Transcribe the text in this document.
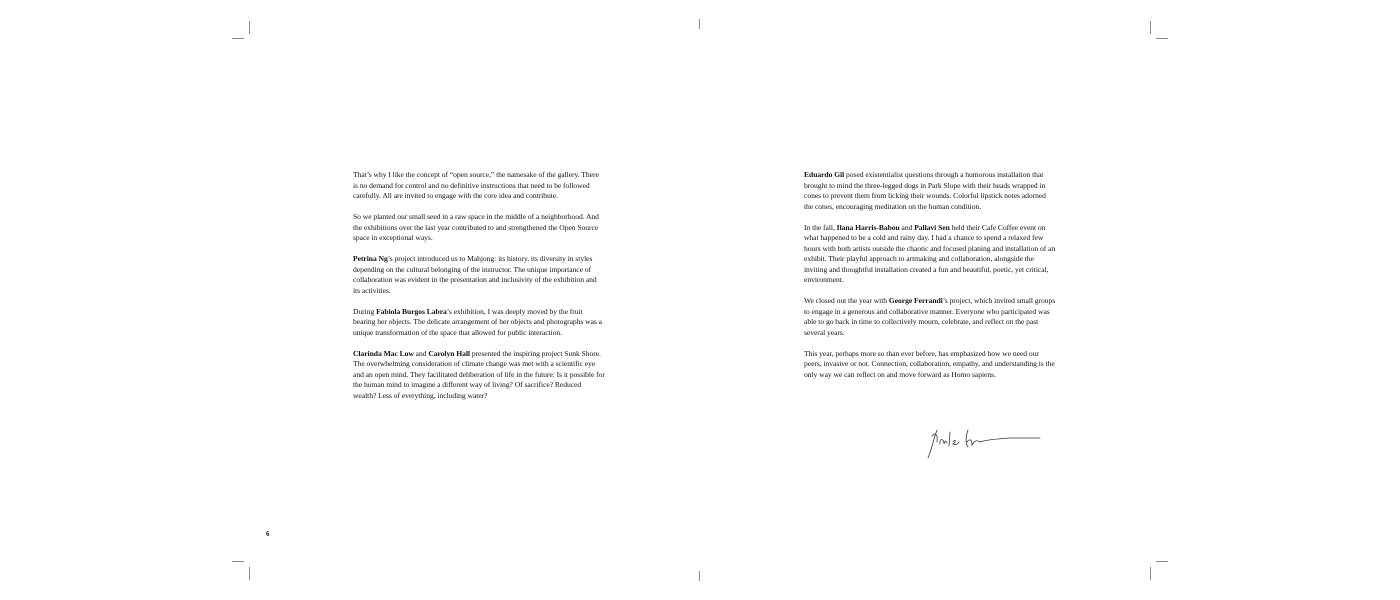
That’s why I like the concept of “open source,” the namesake of the gallery. There is no demand for control and no definitive instructions that need to be followed carefully. All are invited to engage with the core idea and contribute.

So we planted our small seed in a raw space in the middle of a neighborhood. And the exhibitions over the last year contributed to and strengthened the Open Source space in exceptional ways.

Petrina Ng’s project introduced us to Mahjong: its history, its diversity in styles depending on the cultural belonging of the instructor. The unique importance of collaboration was evident in the presentation and inclusivity of the exhibition and its activities.

During Fabiola Burgos Labra’s exhibition, I was deeply moved by the fruit bearing her objects. The delicate arrangement of her objects and photographs was a unique transformation of the space that allowed for public interaction.

Clarinda Mac Low and Carolyn Hall presented the inspiring project Sunk Shore. The overwhelming consideration of climate change was met with a scientific eye and an open mind. They facilitated deliberation of life in the future: Is it possible for the human mind to imagine a different way of living? Of sacrifice? Reduced wealth? Less of everything, including water?

Eduardo Gil posed existentialist questions through a humorous installation that brought to mind the three-legged dogs in Park Slope with their heads wrapped in cones to prevent them from licking their wounds. Colorful lipstick notes adorned the cones, encouraging meditation on the human condition.

In the fall, Ilana Harris-Babou and Pallavi Sen held their Cafe Coffee event on what happened to be a cold and rainy day. I had a chance to spend a relaxed few hours with both artists outside the chaotic and focused planing and installation of an exhibit. Their playful approach to artmaking and collaboration, alongside the inviting and thoughtful installation created a fun and beautiful, poetic, yet critical, environment.

We closed out the year with George Ferrandi’s project, which invited small groups to engage in a generous and collaborative manner. Everyone who participated was able to go back in time to collectively mourn, celebrate, and reflect on the past several years.

This year, perhaps more so than ever before, has emphasized how we need our peers, invasive or not. Connection, collaboration, empathy, and understanding is the only way we can reflect on and move forward as Homo sapiens.

6
